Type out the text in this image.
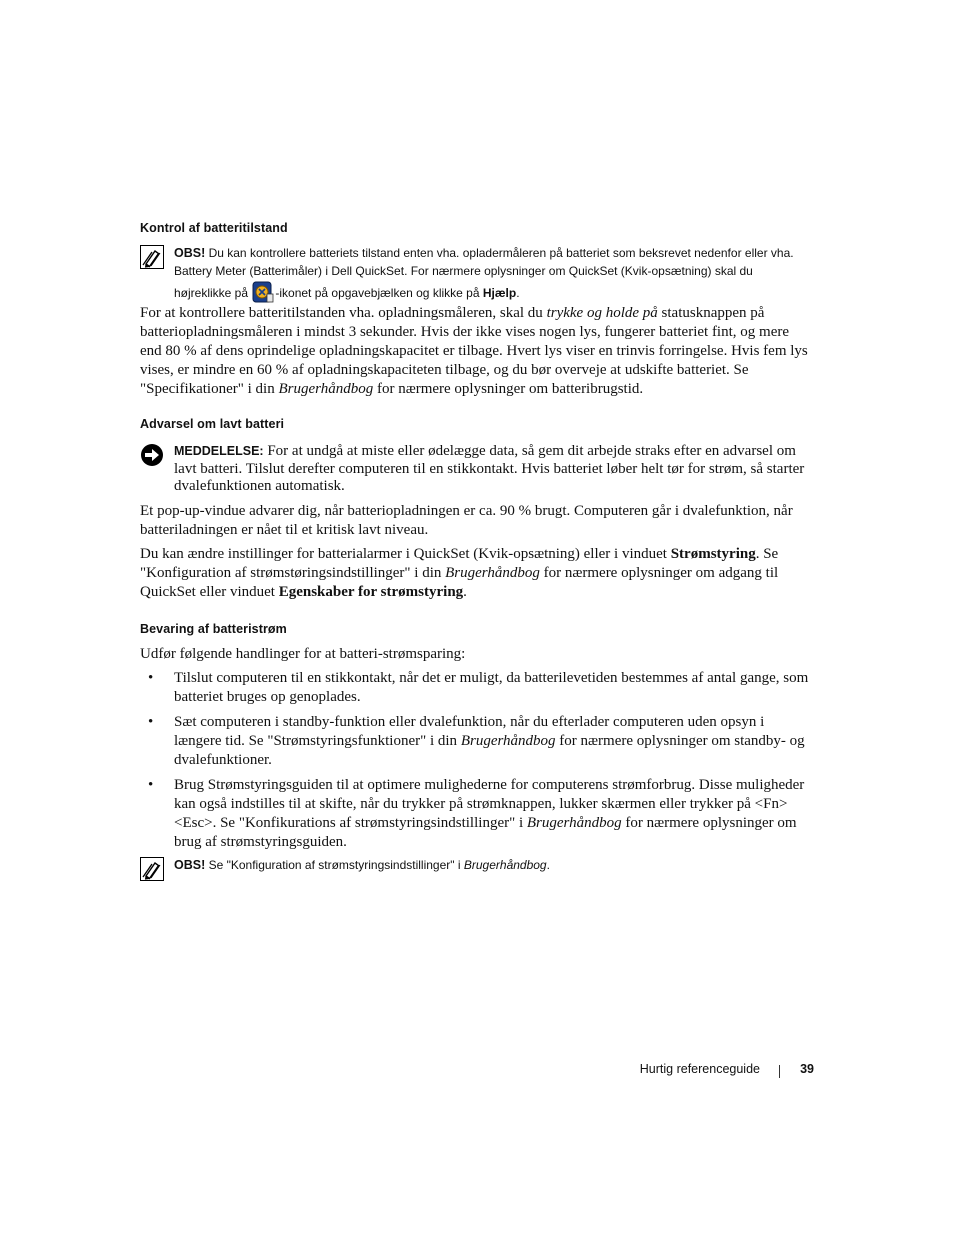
Kontrol af batteritilstand
OBS! Du kan kontrollere batteriets tilstand enten vha. opladermåleren på batteriet som beksrevet nedenfor eller vha. Battery Meter (Batterimåler) i Dell QuickSet. For nærmere oplysninger om QuickSet (Kvik-opsætning) skal du højreklikke på -ikonet på opgavebjælken og klikke på Hjælp.
For at kontrollere batteritilstanden vha. opladningsmåleren, skal du trykke og holde på statusknappen på batteriopladningsmåleren i mindst 3 sekunder. Hvis der ikke vises nogen lys, fungerer batteriet fint, og mere end 80 % af dens oprindelige opladningskapacitet er tilbage. Hvert lys viser en trinvis forringelse. Hvis fem lys vises, er mindre en 60 % af opladningskapaciteten tilbage, og du bør overveje at udskifte batteriet. Se "Specifikationer" i din Brugerhåndbog for nærmere oplysninger om batteribrugstid.
Advarsel om lavt batteri
MEDDELELSE: For at undgå at miste eller ødelægge data, så gem dit arbejde straks efter en advarsel om lavt batteri. Tilslut derefter computeren til en stikkontakt. Hvis batteriet løber helt tør for strøm, så starter dvalefunktionen automatisk.
Et pop-up-vindue advarer dig, når batteriopladningen er ca. 90 % brugt. Computeren går i dvalefunktion, når batteriladningen er nået til et kritisk lavt niveau.
Du kan ændre instillinger for batterialarmer i QuickSet (Kvik-opsætning) eller i vinduet Strømstyring. Se "Konfiguration af strømstøringsindstillinger" i din Brugerhåndbog for nærmere oplysninger om adgang til QuickSet eller vinduet Egenskaber for strømstyring.
Bevaring af batteristrøm
Udfør følgende handlinger for at batteri-strømsparing:
• Tilslut computeren til en stikkontakt, når det er muligt, da batterilevetiden bestemmes af antal gange, som batteriet bruges op genoplades.
• Sæt computeren i standby-funktion eller dvalefunktion, når du efterlader computeren uden opsyn i længere tid. Se "Strømstyringsfunktioner" i din Brugerhåndbog for nærmere oplysninger om standby- og dvalefunktioner.
• Brug Strømstyringsguiden til at optimere mulighederne for computerens strømforbrug. Disse muligheder kan også indstilles til at skifte, når du trykker på strømknappen, lukker skærmen eller trykker på <Fn><Esc>. Se "Konfikurations af strømstyringsindstillinger" i Brugerhåndbog for nærmere oplysninger om brug af strømstyringsguiden.
OBS! Se "Konfiguration af strømstyringsindstillinger" i Brugerhåndbog.
Hurtig referenceguide	39
